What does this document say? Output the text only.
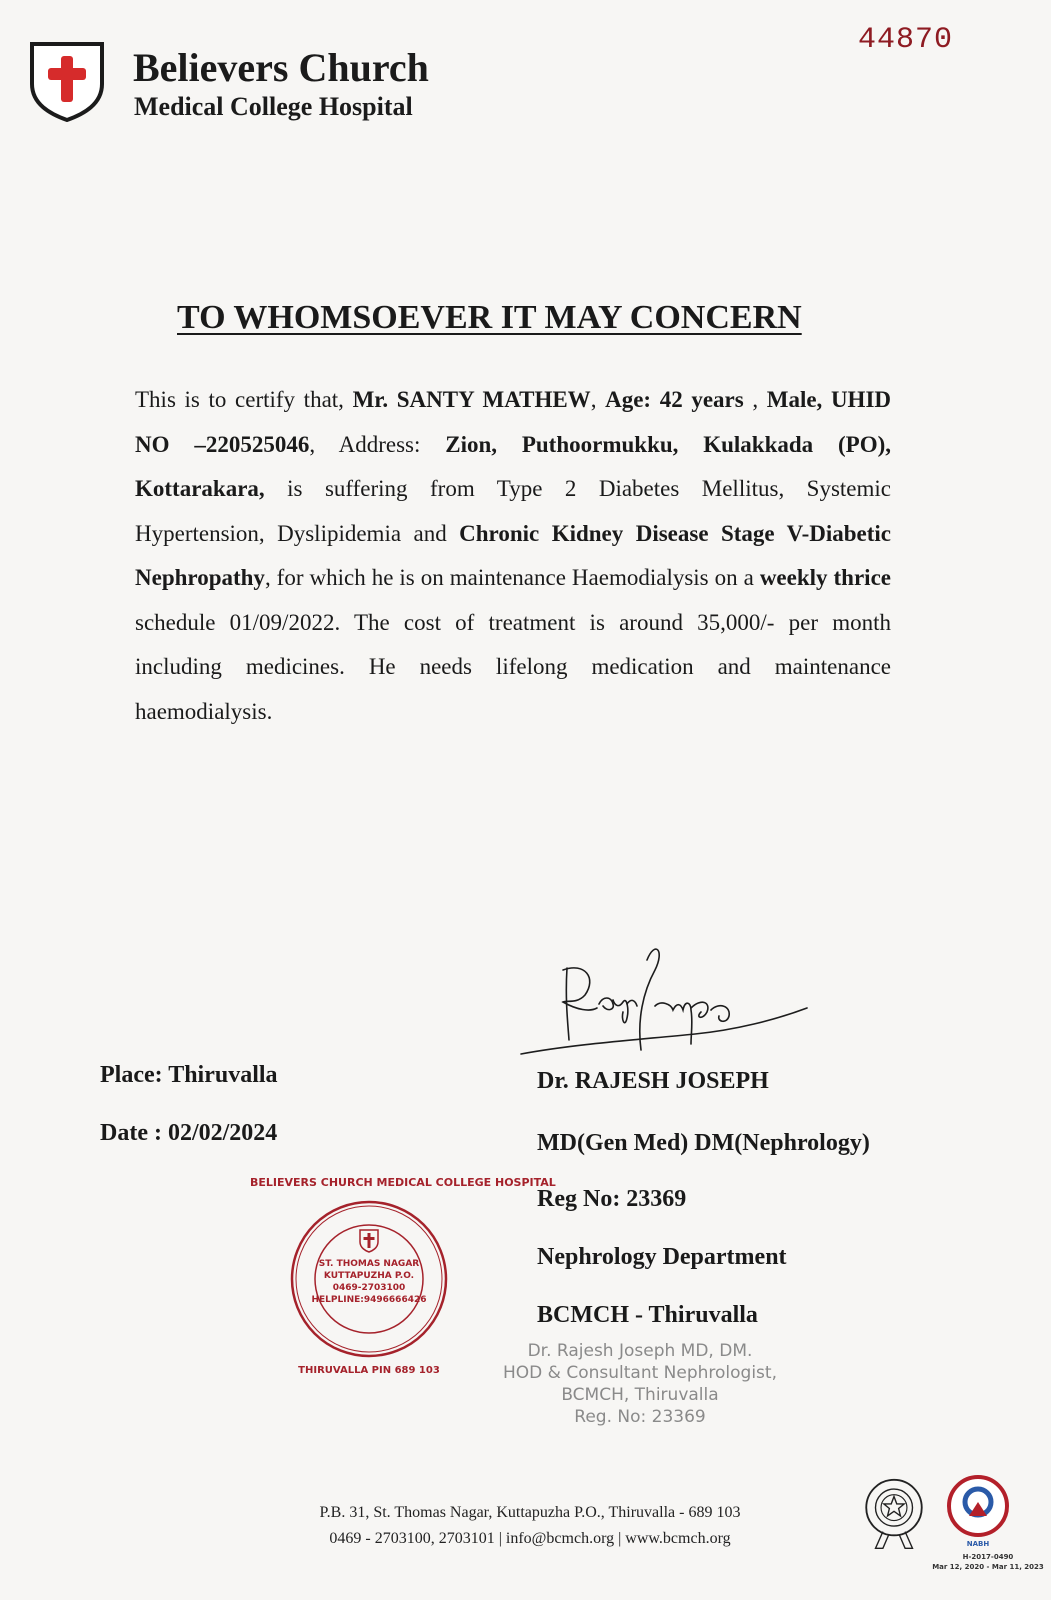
Believers Church
Medical College Hospital
44870
TO WHOMSOEVER IT MAY CONCERN
This is to certify that, Mr. SANTY MATHEW, Age: 42 years , Male, UHID NO –220525046, Address: Zion, Puthoormukku, Kulakkada (PO), Kottarakara, is suffering from Type 2 Diabetes Mellitus, Systemic Hypertension, Dyslipidemia and Chronic Kidney Disease Stage V-Diabetic Nephropathy, for which he is on maintenance Haemodialysis on a weekly thrice schedule 01/09/2022. The cost of treatment is around 35,000/- per month including medicines. He needs lifelong medication and maintenance haemodialysis.
Place: Thiruvalla
Date : 02/02/2024
Dr. RAJESH JOSEPH
MD(Gen Med) DM(Nephrology)
Reg No: 23369
Nephrology Department
BCMCH - Thiruvalla
Dr. Rajesh Joseph MD, DM.
HOD & Consultant Nephrologist,
BCMCH, Thiruvalla
Reg. No: 23369
BELIEVERS CHURCH MEDICAL COLLEGE HOSPITAL
ST. THOMAS NAGAR
KUTTAPUZHA P.O.
0469-2703100
HELPLINE:9496666426
THIRUVALLA PIN 689 103
P.B. 31, St. Thomas Nagar, Kuttapuzha P.O., Thiruvalla - 689 103
0469 - 2703100, 2703101 | info@bcmch.org | www.bcmch.org	NABH
H-2017-0490
Mar 12, 2020 - Mar 11, 2023
